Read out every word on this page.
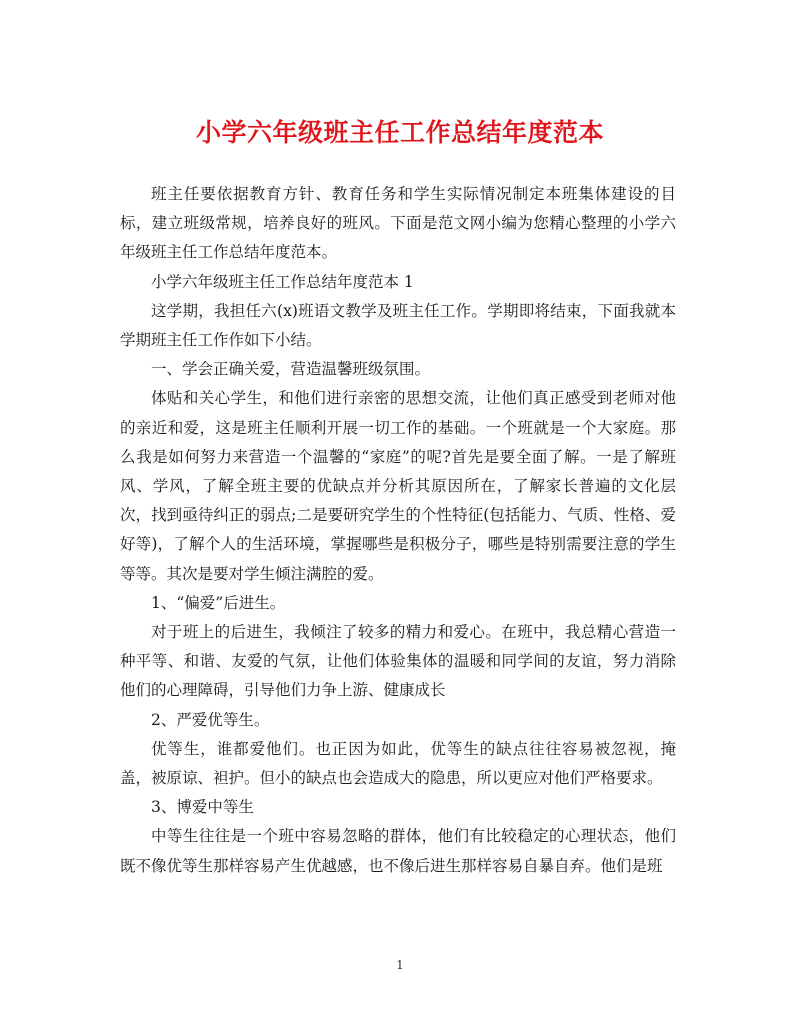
小学六年级班主任工作总结年度范本

班主任要依据教育方针、教育任务和学生实际情况制定本班集体建设的目标，建立班级常规，培养良好的班风。下面是范文网小编为您精心整理的小学六年级班主任工作总结年度范本。

小学六年级班主任工作总结年度范本 1

这学期，我担任六(x)班语文教学及班主任工作。学期即将结束，下面我就本学期班主任工作作如下小结。

一、学会正确关爱，营造温馨班级氛围。

体贴和关心学生，和他们进行亲密的思想交流，让他们真正感受到老师对他的亲近和爱，这是班主任顺利开展一切工作的基础。一个班就是一个大家庭。那么我是如何努力来营造一个温馨的“家庭”的呢?首先是要全面了解。一是了解班风、学风，了解全班主要的优缺点并分析其原因所在，了解家长普遍的文化层次，找到亟待纠正的弱点;二是要研究学生的个性特征(包括能力、气质、性格、爱好等)，了解个人的生活环境，掌握哪些是积极分子，哪些是特别需要注意的学生等等。其次是要对学生倾注满腔的爱。

1、“偏爱”后进生。

对于班上的后进生，我倾注了较多的精力和爱心。在班中，我总精心营造一种平等、和谐、友爱的气氛，让他们体验集体的温暖和同学间的友谊，努力消除他们的心理障碍，引导他们力争上游、健康成长

2、严爱优等生。

优等生，谁都爱他们。也正因为如此，优等生的缺点往往容易被忽视，掩盖，被原谅、袒护。但小的缺点也会造成大的隐患，所以更应对他们严格要求。

3、博爱中等生

中等生往往是一个班中容易忽略的群体，他们有比较稳定的心理状态，他们既不像优等生那样容易产生优越感，也不像后进生那样容易自暴自弃。他们是班

1
